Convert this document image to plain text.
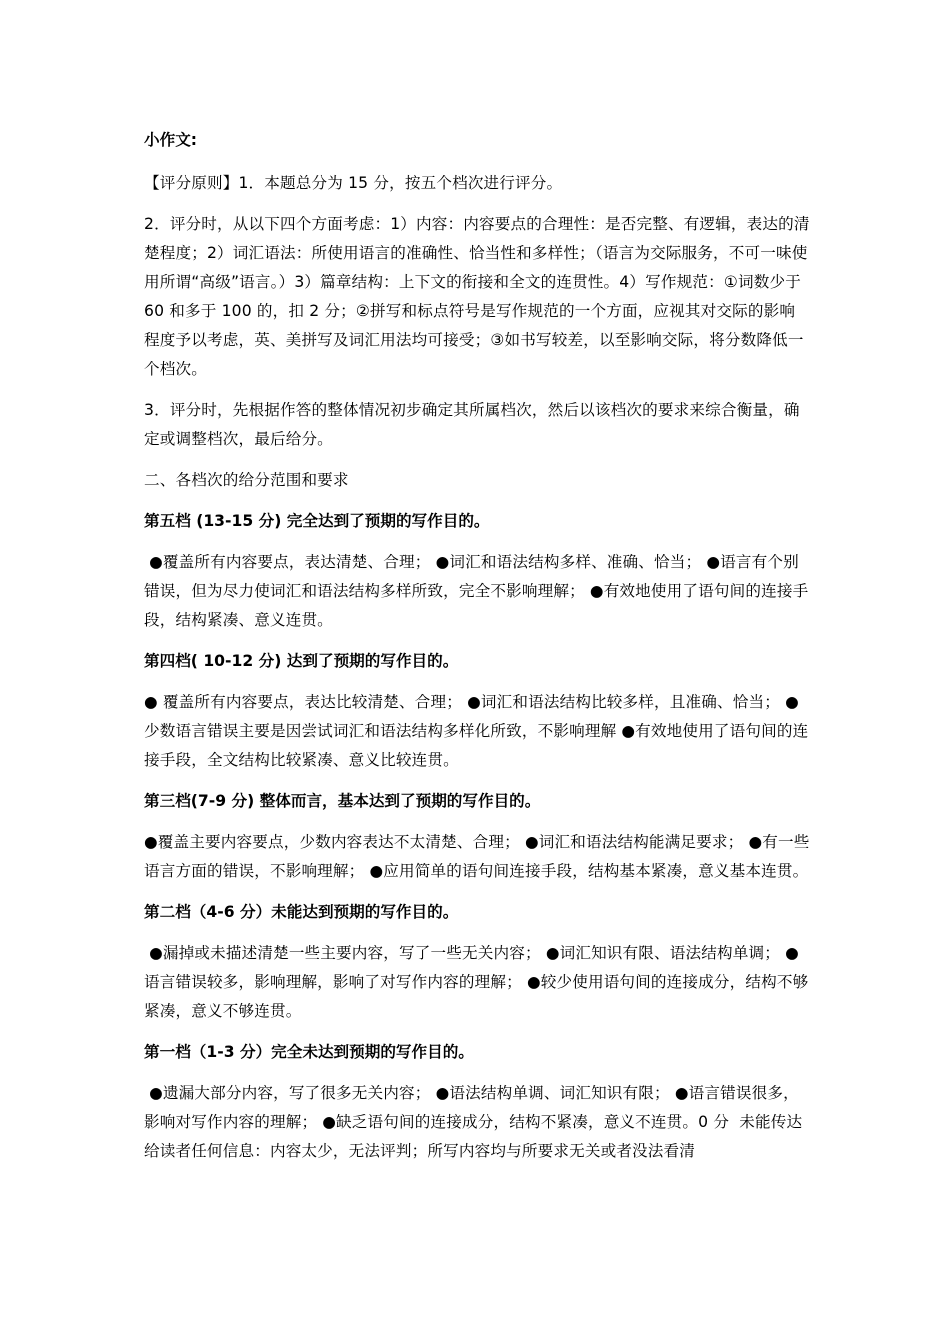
小作文:

【评分原则】1．本题总分为 15 分，按五个档次进行评分。

2．评分时，从以下四个方面考虑：1）内容：内容要点的合理性：是否完整、有逻辑，表达的清楚程度；2）词汇语法：所使用语言的准确性、恰当性和多样性；（语言为交际服务，不可一味使用所谓“高级”语言。）3）篇章结构：上下文的衔接和全文的连贯性。4）写作规范：①词数少于 60 和多于 100 的，扣 2 分；②拼写和标点符号是写作规范的一个方面，应视其对交际的影响程度予以考虑，英、美拼写及词汇用法均可接受；③如书写较差，以至影响交际，将分数降低一个档次。

3．评分时，先根据作答的整体情况初步确定其所属档次，然后以该档次的要求来综合衡量，确定或调整档次，最后给分。

二、各档次的给分范围和要求

第五档 (13-15 分) 完全达到了预期的写作目的。

●覆盖所有内容要点，表达清楚、合理； ●词汇和语法结构多样、准确、恰当； ●语言有个别错误，但为尽力使词汇和语法结构多样所致，完全不影响理解； ●有效地使用了语句间的连接手段，结构紧凑、意义连贯。

第四档( 10-12 分) 达到了预期的写作目的。

● 覆盖所有内容要点，表达比较清楚、合理； ●词汇和语法结构比较多样，且准确、恰当； ●少数语言错误主要是因尝试词汇和语法结构多样化所致，不影响理解 ●有效地使用了语句间的连接手段，全文结构比较紧凑、意义比较连贯。

第三档(7-9 分) 整体而言，基本达到了预期的写作目的。

●覆盖主要内容要点，少数内容表达不太清楚、合理； ●词汇和语法结构能满足要求； ●有一些语言方面的错误，不影响理解； ●应用简单的语句间连接手段，结构基本紧凑，意义基本连贯。

第二档（4-6 分）未能达到预期的写作目的。

●漏掉或未描述清楚一些主要内容，写了一些无关内容； ●词汇知识有限、语法结构单调； ●语言错误较多，影响理解，影响了对写作内容的理解； ●较少使用语句间的连接成分，结构不够紧凑，意义不够连贯。

第一档（1-3 分）完全未达到预期的写作目的。

●遗漏大部分内容，写了很多无关内容； ●语法结构单调、词汇知识有限； ●语言错误很多，影响对写作内容的理解； ●缺乏语句间的连接成分，结构不紧凑，意义不连贯。0 分  未能传达给读者任何信息：内容太少，无法评判；所写内容均与所要求无关或者没法看清
